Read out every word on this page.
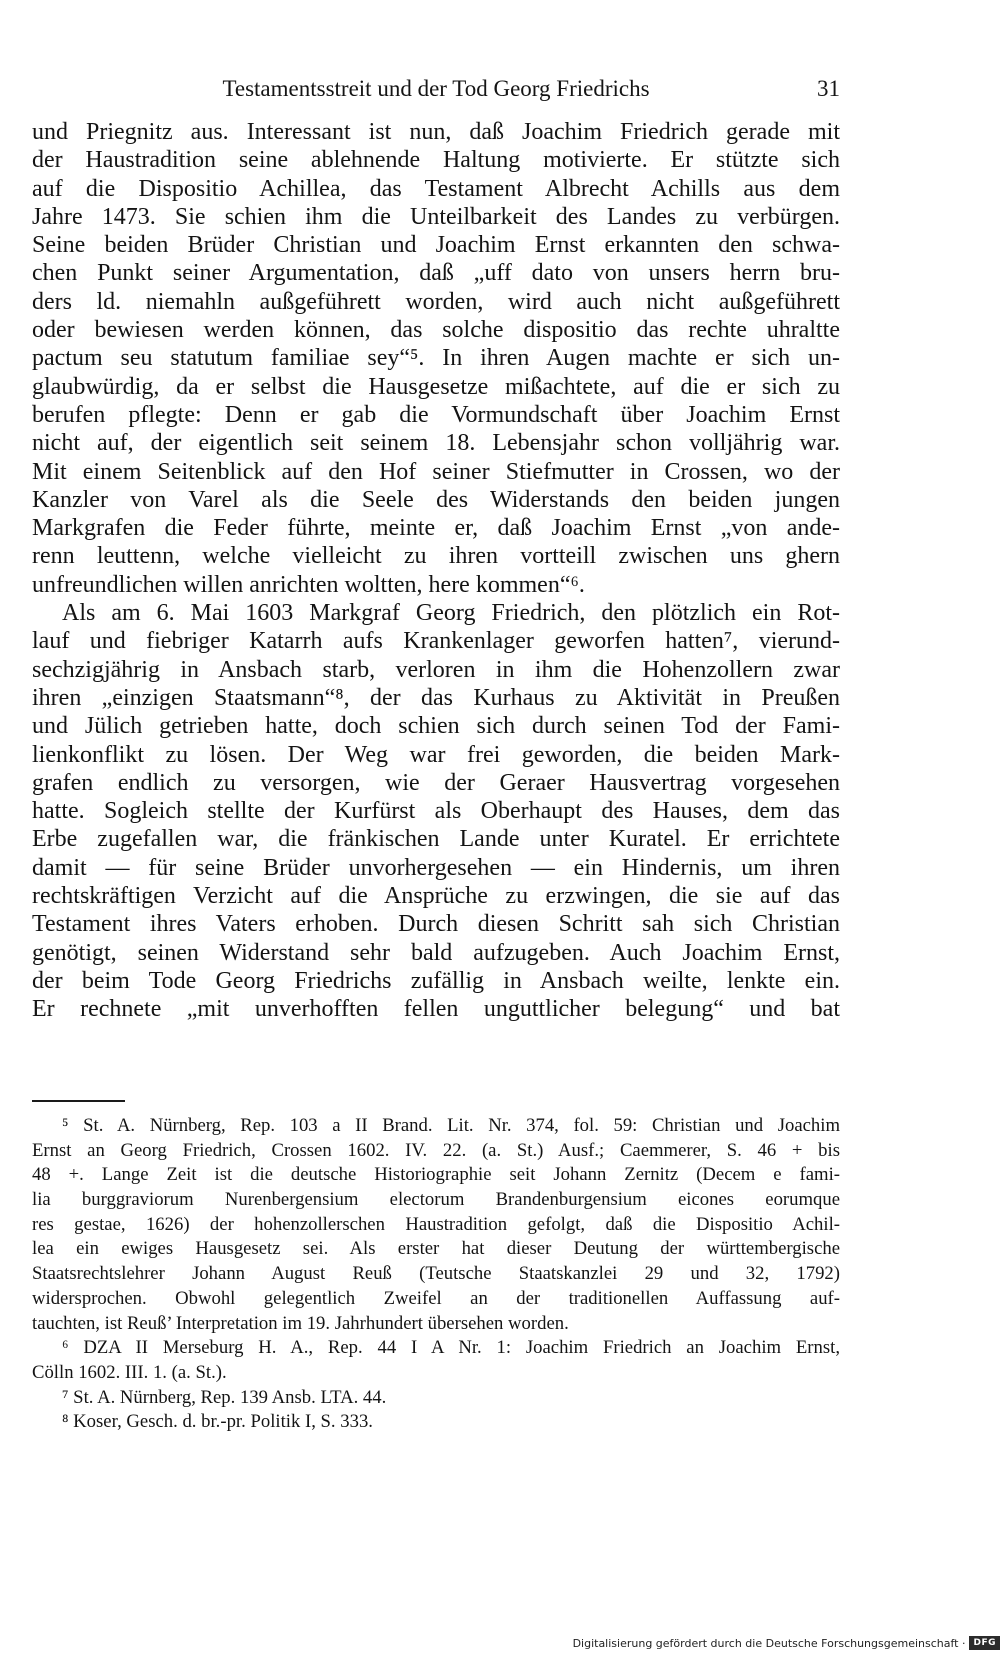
Testamentsstreit und der Tod Georg Friedrichs	31
und Priegnitz aus. Interessant ist nun, daß Joachim Friedrich gerade mit
der Haustradition seine ablehnende Haltung motivierte. Er stützte sich
auf die Dispositio Achillea, das Testament Albrecht Achills aus dem
Jahre 1473. Sie schien ihm die Unteilbarkeit des Landes zu verbürgen.
Seine beiden Brüder Christian und Joachim Ernst erkannten den schwa-
chen Punkt seiner Argumentation, daß „uff dato von unsers herrn bru-
ders ld. niemahln außgeführett worden, wird auch nicht außgeführett
oder bewiesen werden können, das solche dispositio das rechte uhraltte
pactum seu statutum familiae sey“⁵. In ihren Augen machte er sich un-
glaubwürdig, da er selbst die Hausgesetze mißachtete, auf die er sich zu
berufen pflegte: Denn er gab die Vormundschaft über Joachim Ernst
nicht auf, der eigentlich seit seinem 18. Lebensjahr schon volljährig war.
Mit einem Seitenblick auf den Hof seiner Stiefmutter in Crossen, wo der
Kanzler von Varel als die Seele des Widerstands den beiden jungen
Markgrafen die Feder führte, meinte er, daß Joachim Ernst „von ande-
renn leuttenn, welche vielleicht zu ihren vortteill zwischen uns ghern
unfreundlichen willen anrichten woltten, here kommen“⁶.
Als am 6. Mai 1603 Markgraf Georg Friedrich, den plötzlich ein Rot-
lauf und fiebriger Katarrh aufs Krankenlager geworfen hatten⁷, vierund-
sechzigjährig in Ansbach starb, verloren in ihm die Hohenzollern zwar
ihren „einzigen Staatsmann“⁸, der das Kurhaus zu Aktivität in Preußen
und Jülich getrieben hatte, doch schien sich durch seinen Tod der Fami-
lienkonflikt zu lösen. Der Weg war frei geworden, die beiden Mark-
grafen endlich zu versorgen, wie der Geraer Hausvertrag vorgesehen
hatte. Sogleich stellte der Kurfürst als Oberhaupt des Hauses, dem das
Erbe zugefallen war, die fränkischen Lande unter Kuratel. Er errichtete
damit — für seine Brüder unvorhergesehen — ein Hindernis, um ihren
rechtskräftigen Verzicht auf die Ansprüche zu erzwingen, die sie auf das
Testament ihres Vaters erhoben. Durch diesen Schritt sah sich Christian
genötigt, seinen Widerstand sehr bald aufzugeben. Auch Joachim Ernst,
der beim Tode Georg Friedrichs zufällig in Ansbach weilte, lenkte ein.
Er rechnete „mit unverhofften fellen unguttlicher belegung“ und bat
⁵ St. A. Nürnberg, Rep. 103 a II Brand. Lit. Nr. 374, fol. 59: Christian und Joachim
Ernst an Georg Friedrich, Crossen 1602. IV. 22. (a. St.) Ausf.; Caemmerer, S. 46 + bis
48 +. Lange Zeit ist die deutsche Historiographie seit Johann Zernitz (Decem e fami-
lia burggraviorum Nurenbergensium electorum Brandenburgensium eicones eorumque
res gestae, 1626) der hohenzollerschen Haustradition gefolgt, daß die Dispositio Achil-
lea ein ewiges Hausgesetz sei. Als erster hat dieser Deutung der württembergische
Staatsrechtslehrer Johann August Reuß (Teutsche Staatskanzlei 29 und 32, 1792)
widersprochen. Obwohl gelegentlich Zweifel an der traditionellen Auffassung auf-
tauchten, ist Reuß’ Interpretation im 19. Jahrhundert übersehen worden.
⁶ DZA II Merseburg H. A., Rep. 44 I A Nr. 1: Joachim Friedrich an Joachim Ernst,
Cölln 1602. III. 1. (a. St.).
⁷ St. A. Nürnberg, Rep. 139 Ansb. LTA. 44.
⁸ Koser, Gesch. d. br.-pr. Politik I, S. 333.
Digitalisierung gefördert durch die Deutsche Forschungsgemeinschaft · DFG
